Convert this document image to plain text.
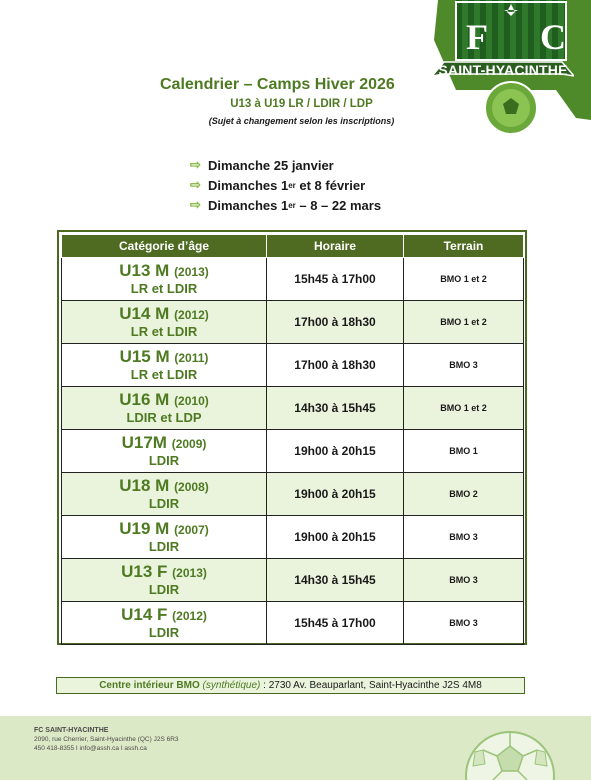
F C
SAINT-HYACINTHE
Calendrier – Camps Hiver 2026
U13 à U19 LR / LDIR / LDP
(Sujet à changement selon les inscriptions)
⇨ Dimanche 25 janvier
⇨ Dimanches 1 er et 8 février
⇨ Dimanches 1 er – 8 – 22 mars
Catégorie d’âge	Horaire	Terrain

U13 M (2013)
LR et LDIR	15h45 à 17h00	BMO 1 et 2

U14 M (2012)
LR et LDIR	17h00 à 18h30	BMO 1 et 2

U15 M (2011)
LR et LDIR	17h00 à 18h30	BMO 3

U16 M (2010)
LDIR et LDP	14h30 à 15h45	BMO 1 et 2

U17M (2009)
LDIR	19h00 à 20h15	BMO 1

U18 M (2008)
LDIR	19h00 à 20h15	BMO 2

U19 M (2007)
LDIR	19h00 à 20h15	BMO 3

U13 F (2013)
LDIR	14h30 à 15h45	BMO 3

U14 F (2012)
LDIR	15h45 à 17h00	BMO 3
Centre intérieur BMO (synthétique) : 2730 Av. Beauparlant, Saint-Hyacinthe J2S 4M8
FC SAINT-HYACINTHE
2090, rue Cherrier, Saint-Hyacinthe (QC) J2S 6R3
450 418-8355 I info@assh.ca I assh.ca
